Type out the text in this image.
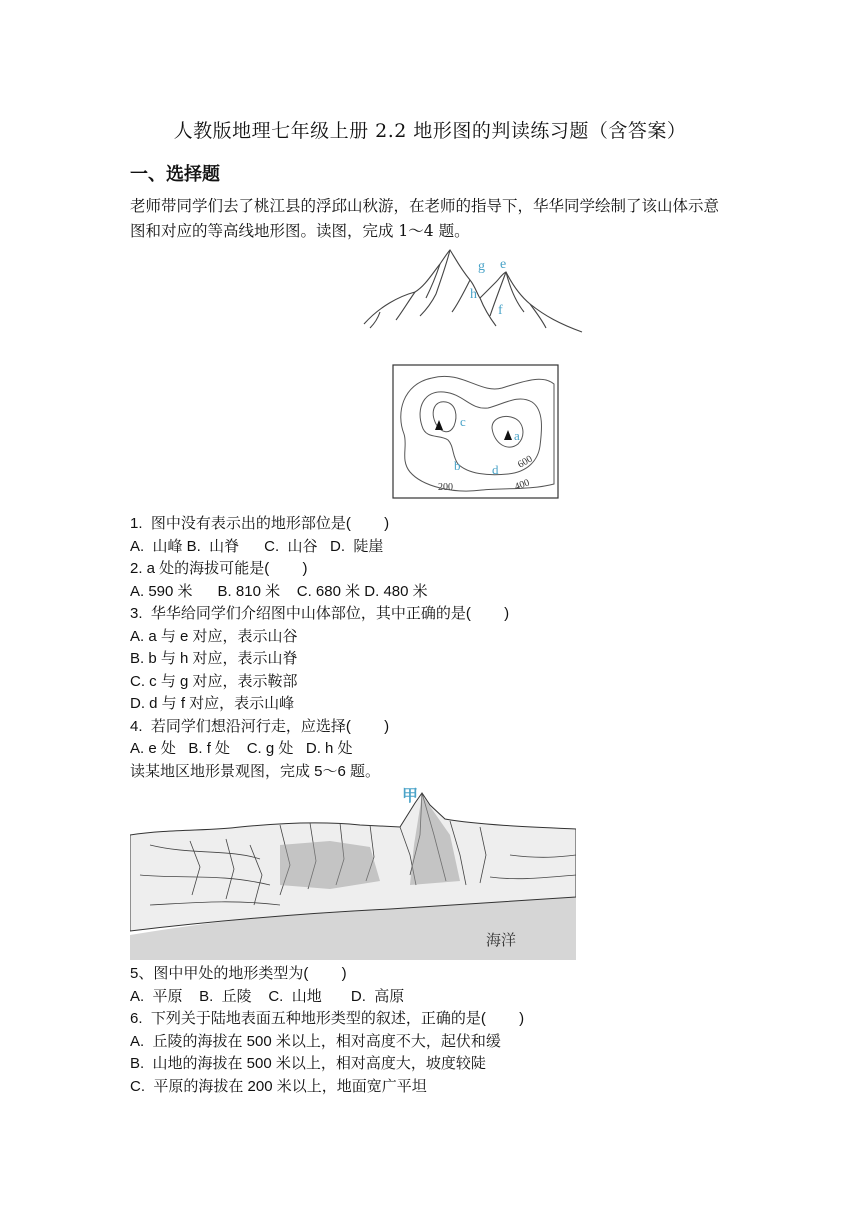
人教版地理七年级上册 2.2 地形图的判读练习题（含答案）
一、选择题
老师带同学们去了桃江县的浮邱山秋游，在老师的指导下，华华同学绘制了该山体示意图和对应的等高线地形图。读图，完成 1～4 题。
g e
h
f
c
a
b d 600
400
200
1.  图中没有表示出的地形部位是(        )
A.  山峰 B.  山脊      C.  山谷   D.  陡崖
2. a 处的海拔可能是(        )
A. 590 米      B. 810 米    C. 680 米 D. 480 米
3.  华华给同学们介绍图中山体部位，其中正确的是(        )
A. a 与 e 对应，表示山谷
B. b 与 h 对应，表示山脊
C. c 与 g 对应，表示鞍部
D. d 与 f 对应，表示山峰
4.  若同学们想沿河行走，应选择(        )
A. e 处   B. f 处    C. g 处   D. h 处
读某地区地形景观图，完成 5～6 题。
甲
海洋
5、图中甲处的地形类型为(        )
A.  平原    B.  丘陵    C.  山地       D.  高原
6.  下列关于陆地表面五种地形类型的叙述，正确的是(        )
A.  丘陵的海拔在 500 米以上，相对高度不大，起伏和缓
B.  山地的海拔在 500 米以上，相对高度大，坡度较陡
C.  平原的海拔在 200 米以上，地面宽广平坦
